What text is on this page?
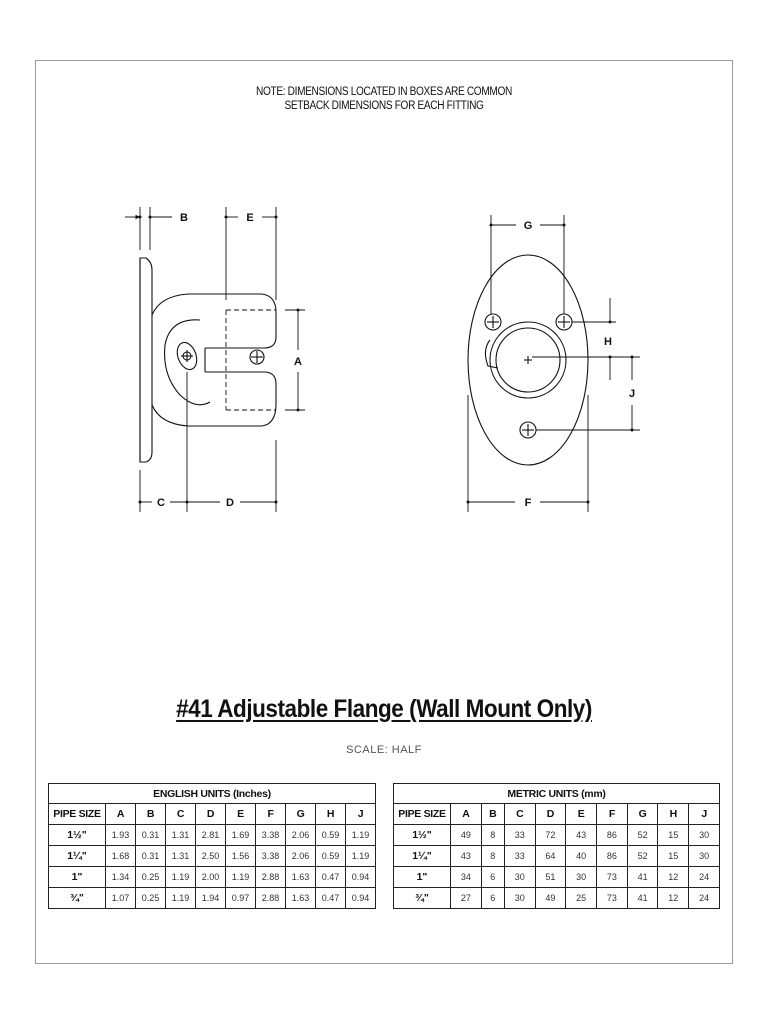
NOTE: DIMENSIONS LOCATED IN BOXES ARE COMMON
SETBACK DIMENSIONS FOR EACH FITTING
B	E
A
C	D
G
H
J
F
#41 Adjustable Flange (Wall Mount Only)
SCALE: HALF
ENGLISH UNITS (Inches)									
PIPE SIZE	A	B	C	D	E	F	G	H	J
1½"	1.93	0.31	1.31	2.81	1.69	3.38	2.06	0.59	1.19
1¼"	1.68	0.31	1.31	2.50	1.56	3.38	2.06	0.59	1.19
1"	1.34	0.25	1.19	2.00	1.19	2.88	1.63	0.47	0.94
¾"	1.07	0.25	1.19	1.94	0.97	2.88	1.63	0.47	0.94
METRIC UNITS (mm)									
PIPE SIZE	A	B	C	D	E	F	G	H	J
1½"	49	8	33	72	43	86	52	15	30
1¼"	43	8	33	64	40	86	52	15	30
1"	34	6	30	51	30	73	41	12	24
¾"	27	6	30	49	25	73	41	12	24
